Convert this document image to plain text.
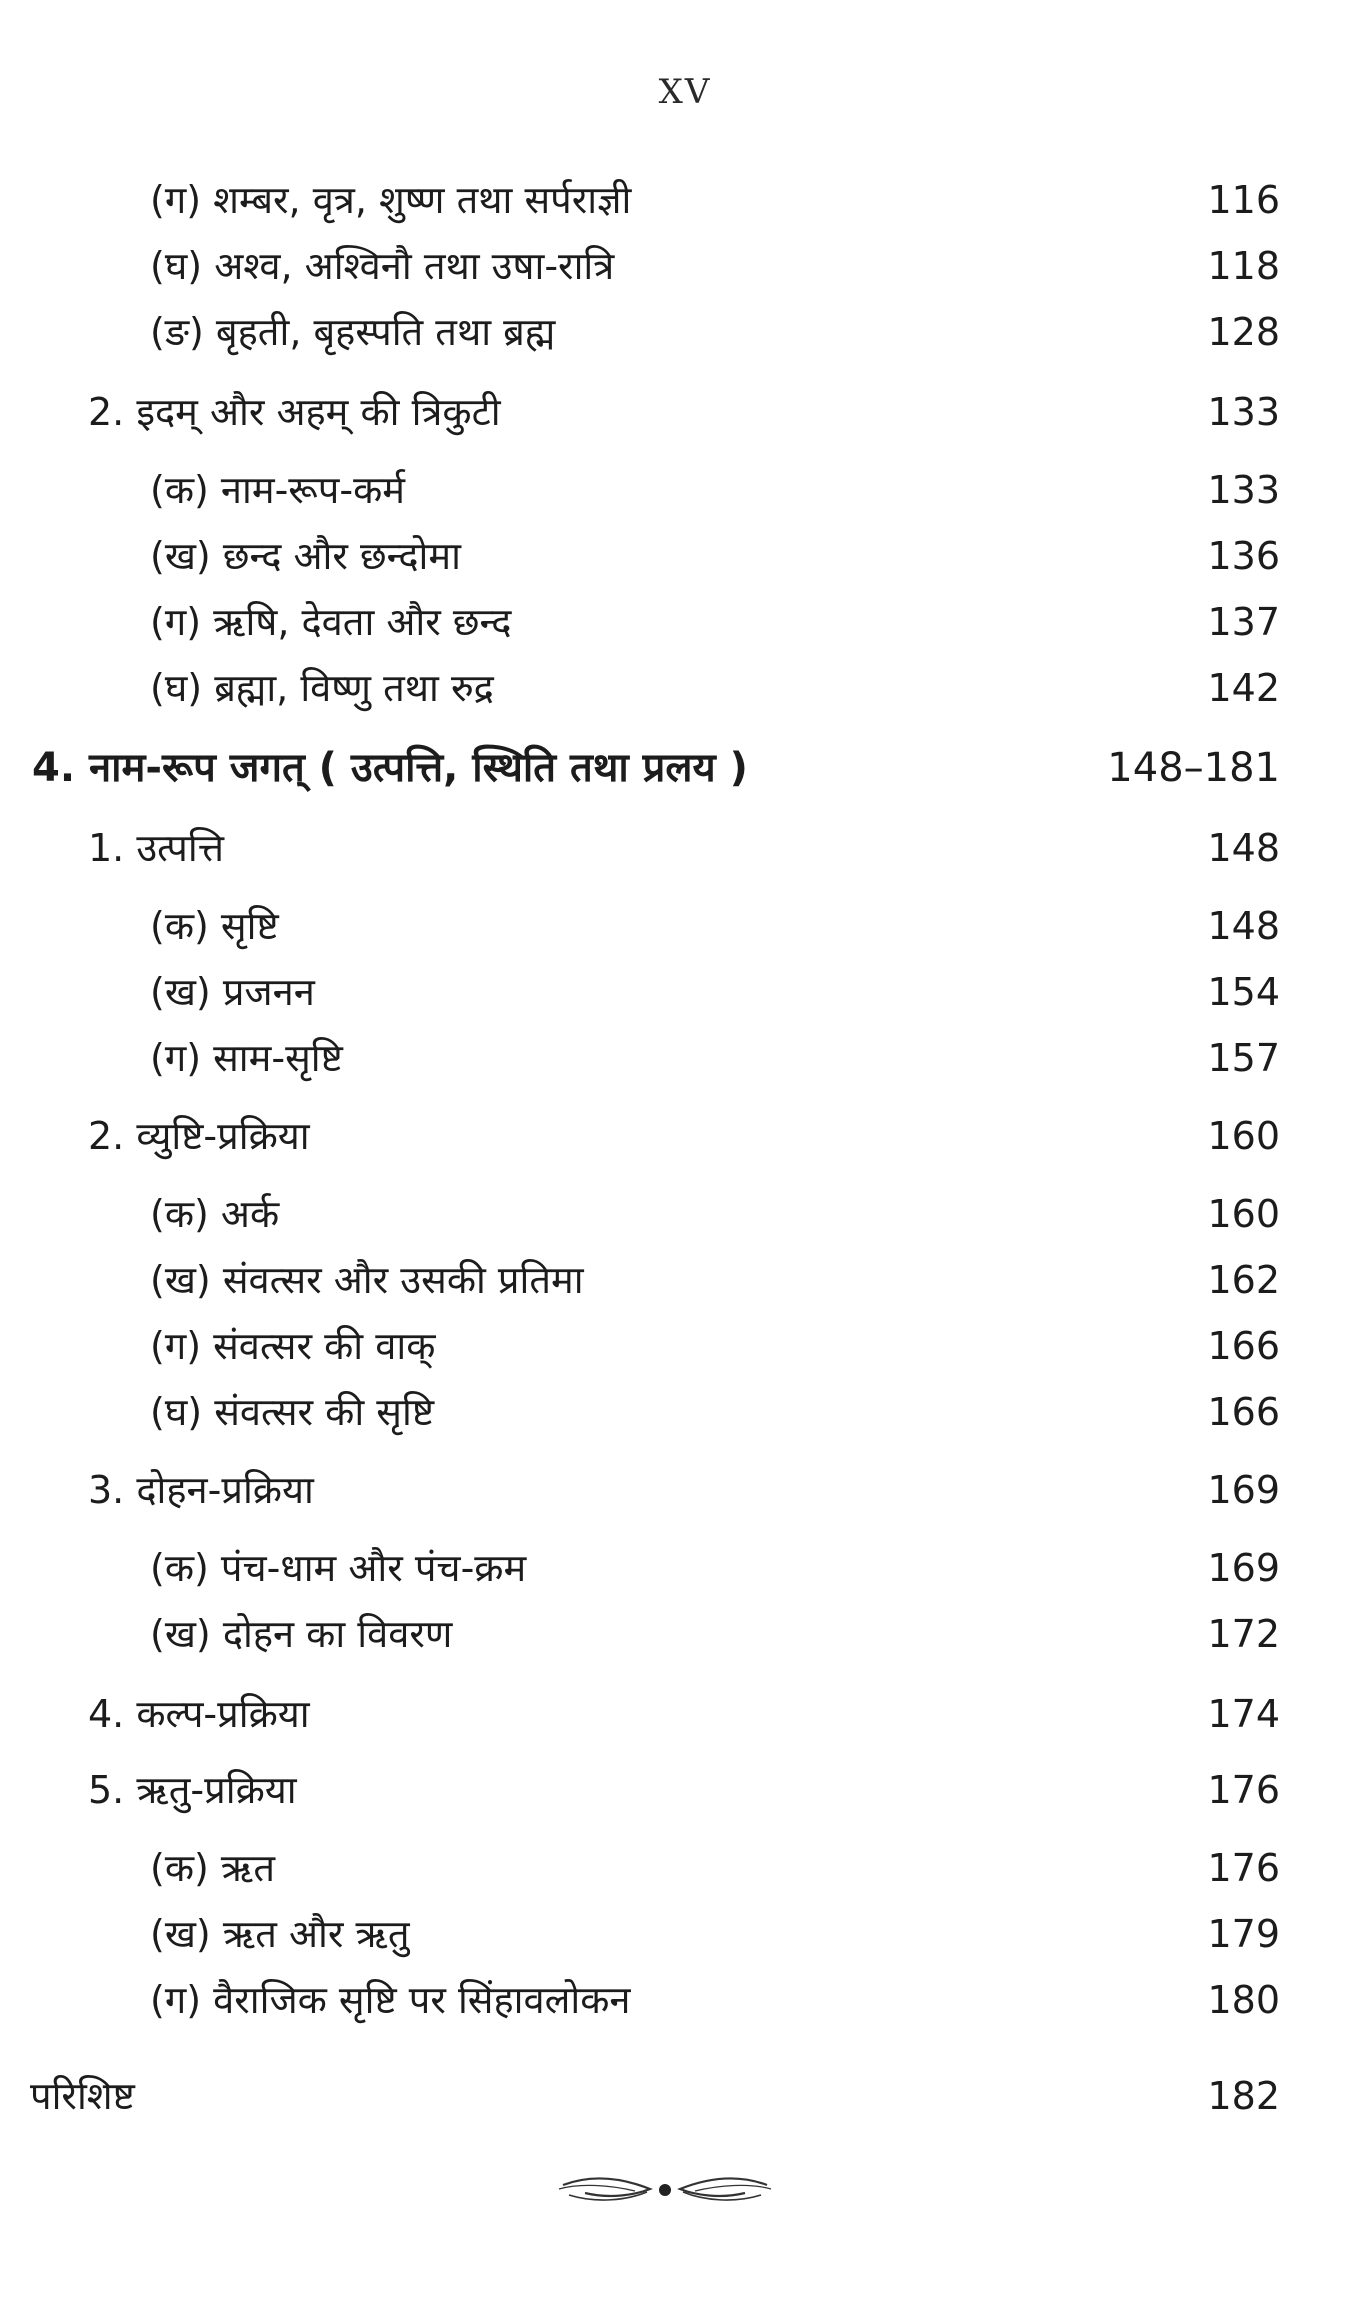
XV
(ग) शम्बर, वृत्र, शुष्ण तथा सर्पराज्ञी	116
(घ) अश्व, अश्विनौ तथा उषा-रात्रि	118
(ङ) बृहती, बृहस्पति तथा ब्रह्म	128
2. इदम् और अहम् की त्रिकुटी	133
(क) नाम-रूप-कर्म	133
(ख) छन्द और छन्दोमा	136
(ग) ऋषि, देवता और छन्द	137
(घ) ब्रह्मा, विष्णु तथा रुद्र	142
4. नाम-रूप जगत् ( उत्पत्ति, स्थिति तथा प्रलय )	148–181
1. उत्पत्ति	148
(क) सृष्टि	148
(ख) प्रजनन	154
(ग) साम-सृष्टि	157
2. व्युष्टि-प्रक्रिया	160
(क) अर्क	160
(ख) संवत्सर और उसकी प्रतिमा	162
(ग) संवत्सर की वाक्	166
(घ) संवत्सर की सृष्टि	166
3. दोहन-प्रक्रिया	169
(क) पंच-धाम और पंच-क्रम	169
(ख) दोहन का विवरण	172
4. कल्प-प्रक्रिया	174
5. ऋतु-प्रक्रिया	176
(क) ऋत	176
(ख) ऋत और ऋतु	179
(ग) वैराजिक सृष्टि पर सिंहावलोकन	180
परिशिष्ट	182
